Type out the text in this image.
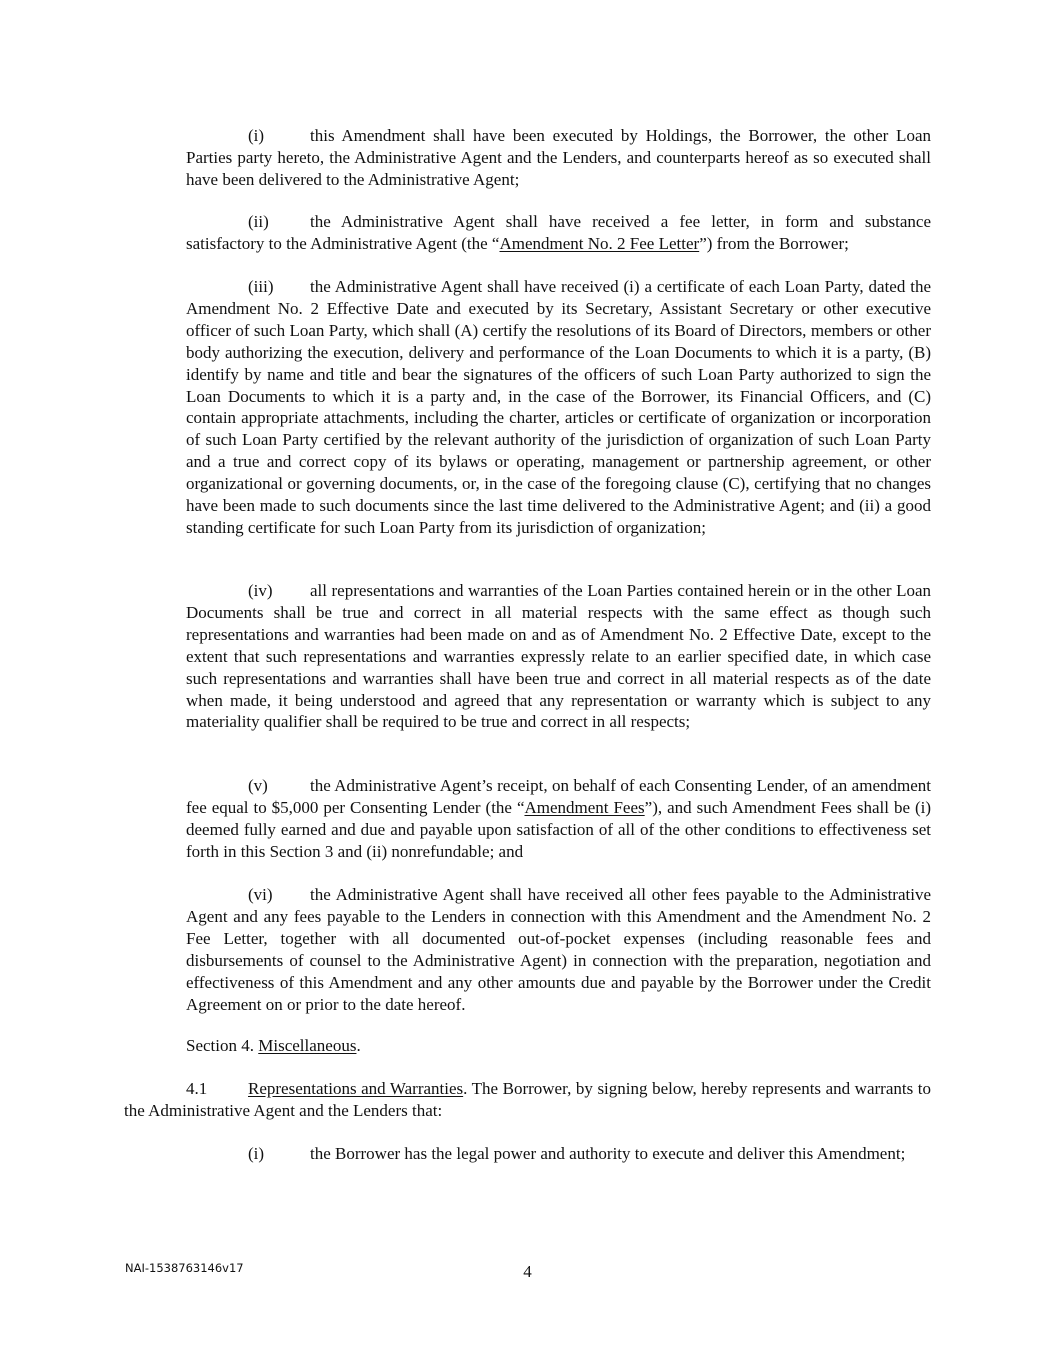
(i)	this Amendment shall have been executed by Holdings, the Borrower, the other Loan Parties party hereto, the Administrative Agent and the Lenders, and counterparts hereof as so executed shall have been delivered to the Administrative Agent;

(ii) the Administrative Agent shall have received a fee letter, in form and substance satisfactory to the Administrative Agent (the “Amendment No. 2 Fee Letter”) from the Borrower;

(iii) the Administrative Agent shall have received (i) a certificate of each Loan Party, dated the Amendment No. 2 Effective Date and executed by its Secretary, Assistant Secretary or other executive officer of such Loan Party, which shall (A) certify the resolutions of its Board of Directors, members or other body authorizing the execution, delivery and performance of the Loan Documents to which it is a party, (B) identify by name and title and bear the signatures of the officers of such Loan Party authorized to sign the Loan Documents to which it is a party and, in the case of the Borrower, its Financial Officers, and (C) contain appropriate attachments, including the charter, articles or certificate of organization or incorporation of such Loan Party certified by the relevant authority of the jurisdiction of organization of such Loan Party and a true and correct copy of its bylaws or operating, management or partnership agreement, or other organizational or governing documents, or, in the case of the foregoing clause (C), certifying that no changes have been made to such documents since the last time delivered to the Administrative Agent; and (ii) a good standing certificate for such Loan Party from its jurisdiction of organization;

(iv) all representations and warranties of the Loan Parties contained herein or in the other Loan Documents shall be true and correct in all material respects with the same effect as though such representations and warranties had been made on and as of Amendment No. 2 Effective Date, except to the extent that such representations and warranties expressly relate to an earlier specified date, in which case such representations and warranties shall have been true and correct in all material respects as of the date when made, it being understood and agreed that any representation or warranty which is subject to any materiality qualifier shall be required to be true and correct in all respects;

(v) the Administrative Agent’s receipt, on behalf of each Consenting Lender, of an amendment fee equal to $5,000 per Consenting Lender (the “Amendment Fees”), and such Amendment Fees shall be (i) deemed fully earned and due and payable upon satisfaction of all of the other conditions to effectiveness set forth in this Section 3 and (ii) nonrefundable; and

(vi) the Administrative Agent shall have received all other fees payable to the Administrative Agent and any fees payable to the Lenders in connection with this Amendment and the Amendment No. 2 Fee Letter, together with all documented out-of-pocket expenses (including reasonable fees and disbursements of counsel to the Administrative Agent) in connection with the preparation, negotiation and effectiveness of this Amendment and any other amounts due and payable by the Borrower under the Credit Agreement on or prior to the date hereof.

Section 4. Miscellaneous.

4.1 Representations and Warranties. The Borrower, by signing below, hereby represents and warrants to the Administrative Agent and the Lenders that:

(i)	the Borrower has the legal power and authority to execute and deliver this Amendment;

NAI-1538763146v17	4
